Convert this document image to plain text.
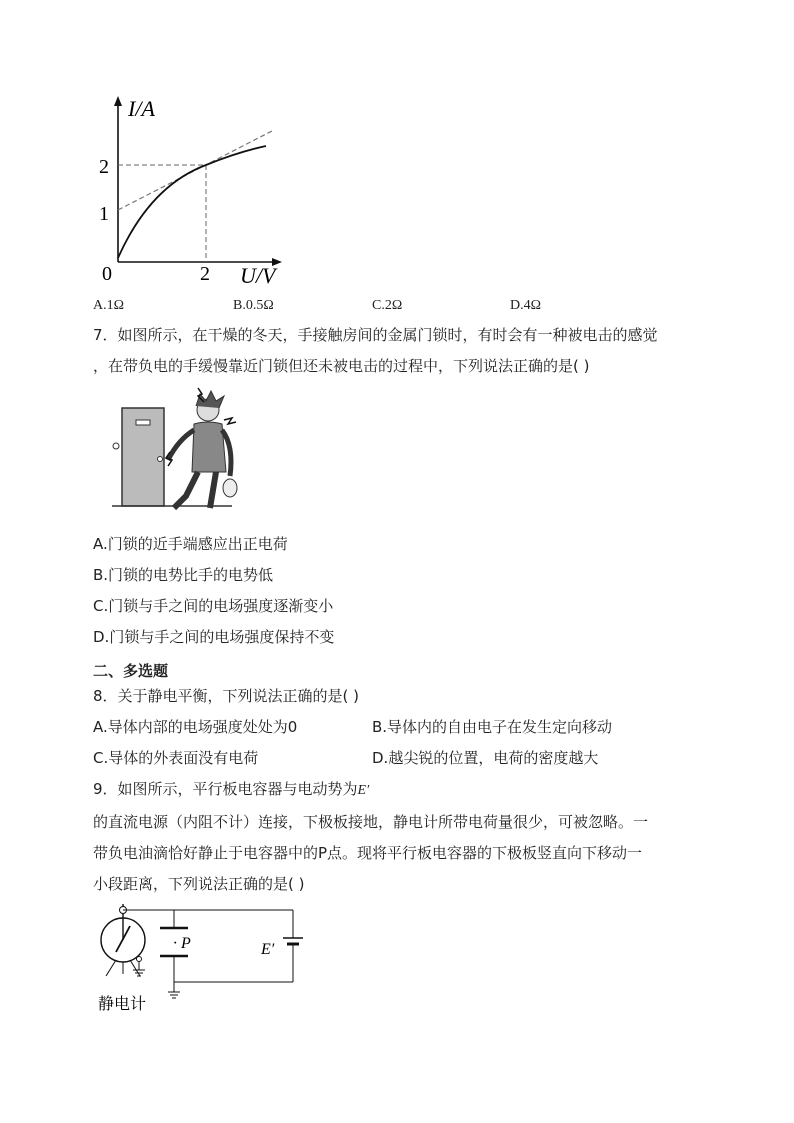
I/A
2
1
0	2 U/V
A.1Ω	B.0.5Ω	C.2Ω	D.4Ω
7．如图所示，在干燥的冬天，手接触房间的金属门锁时，有时会有一种被电击的感觉
，在带负电的手缓慢靠近门锁但还未被电击的过程中，下列说法正确的是( )
A.门锁的近手端感应出正电荷
B.门锁的电势比手的电势低
C.门锁与手之间的电场强度逐渐变小
D.门锁与手之间的电场强度保持不变
二、多选题
8．关于静电平衡，下列说法正确的是( )
A.导体内部的电场强度处处为0	B.导体内的自由电子在发生定向移动
C.导体的外表面没有电荷	D.越尖锐的位置，电荷的密度越大
9．如图所示，平行板电容器与电动势为E′
的直流电源（内阻不计）连接，下极板接地，静电计所带电荷量很少，可被忽略。一
带负电油滴恰好静止于电容器中的P点。现将平行板电容器的下极板竖直向下移动一
小段距离，下列说法正确的是( )
· P	E′
静电计
